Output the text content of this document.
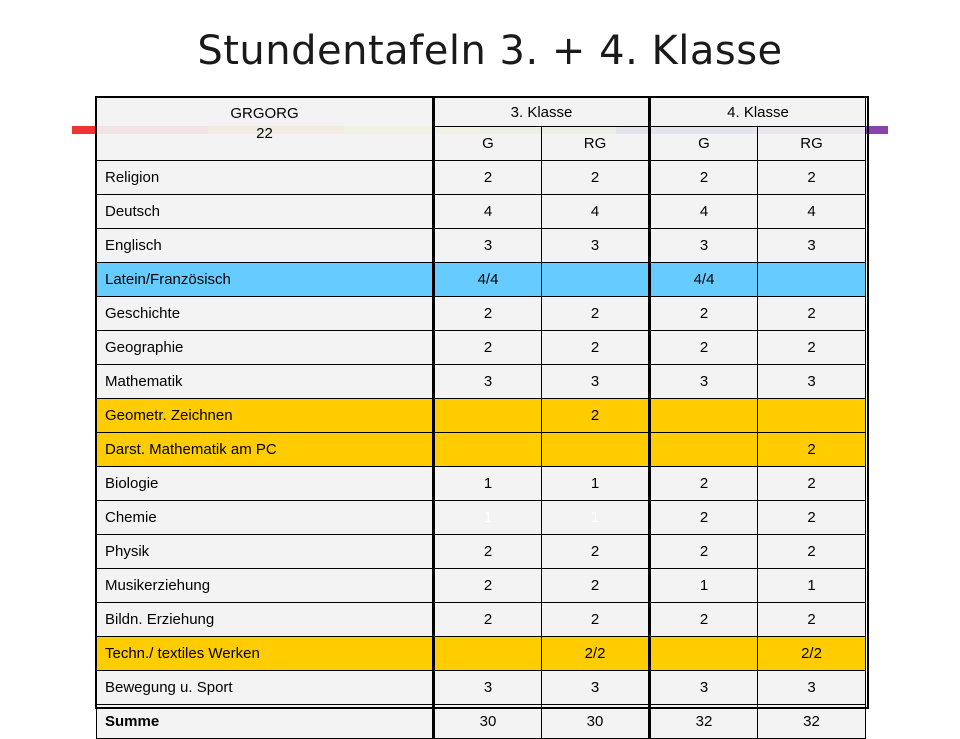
Stundentafeln 3. + 4. Klasse
GRGORG
22	3. Klasse		4. Klasse	
	G	RG	G	RG
Religion	2	2	2	2
Deutsch	4	4	4	4
Englisch	3	3	3	3
Latein/Französisch	4/4		4/4	
Geschichte	2	2	2	2
Geographie	2	2	2	2
Mathematik	3	3	3	3
Geometr. Zeichnen		2		
Darst. Mathematik am PC				2
Biologie	1	1	2	2
Chemie	1	1	2	2
Physik	2	2	2	2
Musikerziehung	2	2	1	1
Bildn. Erziehung	2	2	2	2
Techn./ textiles Werken		2/2		2/2
Bewegung u. Sport	3	3	3	3
Summe	30	30	32	32
